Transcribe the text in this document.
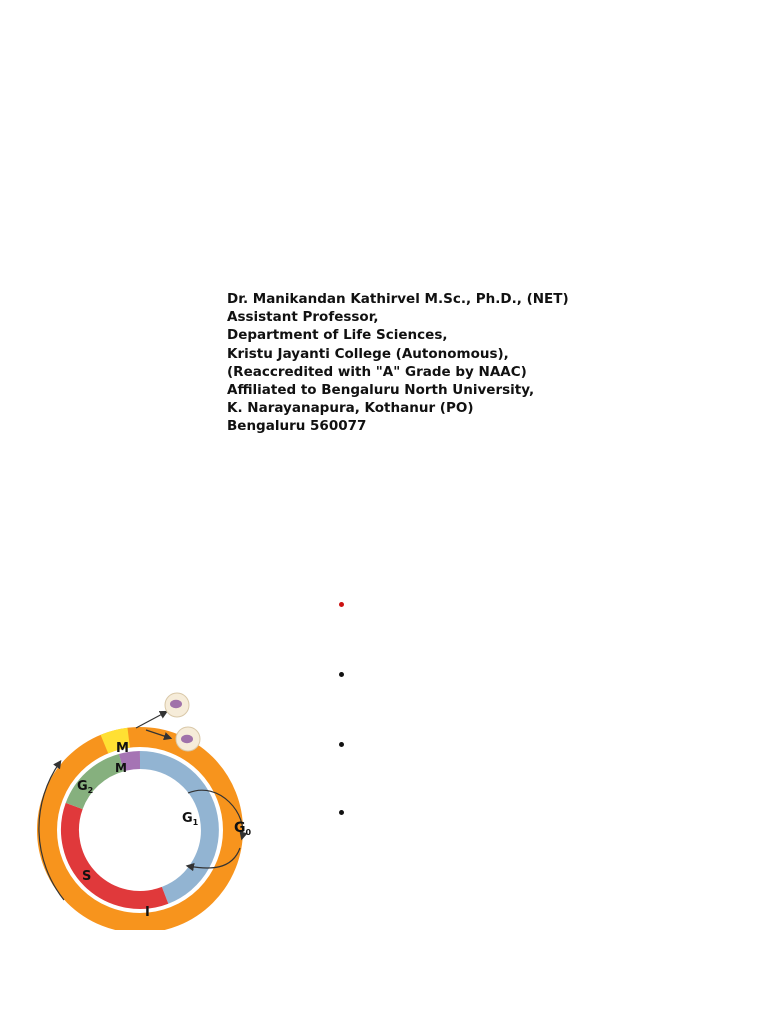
Dr. Manikandan Kathirvel M.Sc., Ph.D., (NET)
Assistant Professor,
Department of Life Sciences,
Kristu Jayanti College (Autonomous),
(Reaccredited with "A" Grade by NAAC)
Affiliated to Bengaluru North University,
K. Narayanapura, Kothanur (PO)
Bengaluru 560077
M
M
$G_2$
S
$G_1$	$G_0$
I
